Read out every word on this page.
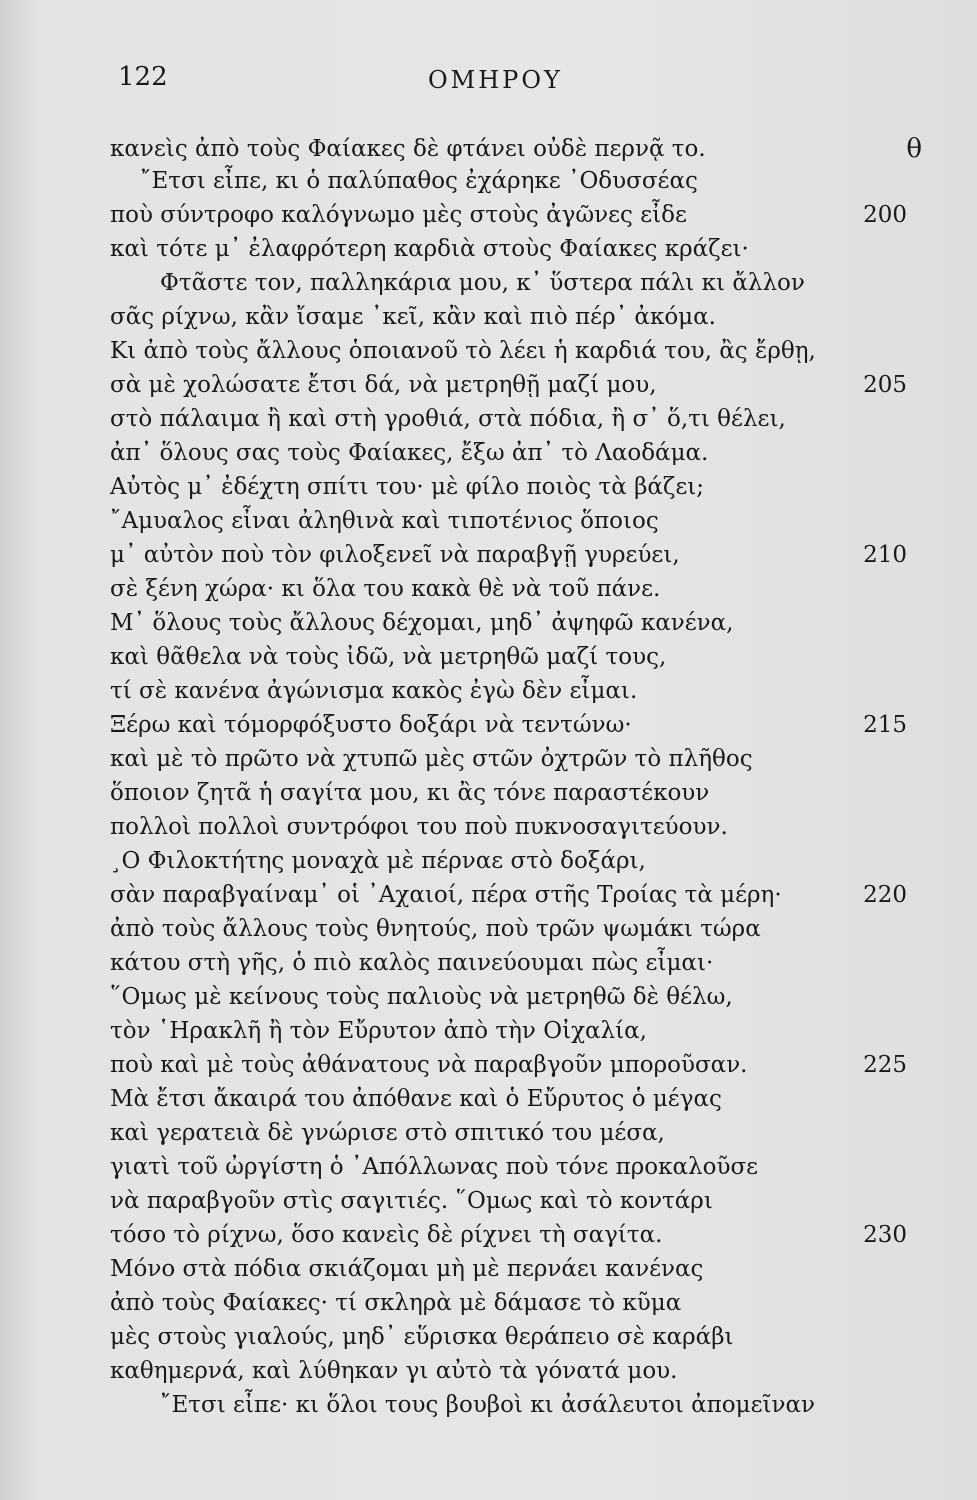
122	ΟΜΗΡΟΥ
θ
κανεὶς ἀπὸ τοὺς Φαίακες δὲ φτάνει οὐδὲ περνᾷ το.
῎Ετσι εἶπε, κι ὁ παλύπαθος ἐχάρηκε ᾿Οδυσσέας
ποὺ σύντροφο καλόγνωμο μὲς στοὺς ἀγῶνες εἶδε
καὶ τότε μ᾿ ἐλαφρότερη καρδιὰ στοὺς Φαίακες κράζει·
Φτᾶστε τον, παλληκάρια μου, κ᾿ ὕστερα πάλι κι ἄλλον
σᾶς ρίχνω, κἂν ἴσαμε ᾿κεῖ, κἂν καὶ πιὸ πέρ᾿ ἀκόμα.
Κι ἀπὸ τοὺς ἄλλους ὁποιανοῦ τὸ λέει ἡ καρδιά του, ἂς ἔρθῃ,
σὰ μὲ χολώσατε ἔτσι δά, νὰ μετρηθῇ μαζί μου,
στὸ πάλαιμα ἢ καὶ στὴ γροθιά, στὰ πόδια, ἢ σ᾿ ὅ,τι θέλει,
ἀπ᾿ ὅλους σας τοὺς Φαίακες, ἔξω ἀπ᾿ τὸ Λαοδάμα.
Αὐτὸς μ᾿ ἐδέχτη σπίτι του· μὲ φίλο ποιὸς τὰ βάζει;
῎Αμυαλος εἶναι ἀληθινὰ καὶ τιποτένιος ὅποιος
μ᾿ αὐτὸν ποὺ τὸν φιλοξενεῖ νὰ παραβγῇ γυρεύει,
σὲ ξένη χώρα· κι ὅλα του κακὰ θὲ νὰ τοῦ πάνε.
Μ᾿ ὅλους τοὺς ἄλλους δέχομαι, μηδ᾿ ἀψηφῶ κανένα,
καὶ θᾶθελα νὰ τοὺς ἰδῶ, νὰ μετρηθῶ μαζί τους,
τί σὲ κανένα ἀγώνισμα κακὸς ἐγὼ δὲν εἶμαι.
Ξέρω καὶ τόμορφόξυστο δοξάρι νὰ τεντώνω·
καὶ μὲ τὸ πρῶτο νὰ χτυπῶ μὲς στῶν ὀχτρῶν τὸ πλῆθος
ὅποιον ζητᾶ ἡ σαγίτα μου, κι ἂς τόνε παραστέκουν
πολλοὶ πολλοὶ συντρόφοι του ποὺ πυκνοσαγιτεύουν.
¸Ο Φιλοκτήτης μοναχὰ μὲ πέρναε στὸ δοξάρι,
σὰν παραβγαίναμ᾿ οἱ ᾿Αχαιοί, πέρα στῆς Τροίας τὰ μέρη·
ἀπὸ τοὺς ἄλλους τοὺς θνητούς, ποὺ τρῶν ψωμάκι τώρα
κάτου στὴ γῆς, ὁ πιὸ καλὸς παινεύουμαι πὼς εἶμαι·
῞Ομως μὲ κείνους τοὺς παλιοὺς νὰ μετρηθῶ δὲ θέλω,
τὸν ῾Ηρακλῆ ἢ τὸν Εὔρυτον ἀπὸ τὴν Οἰχαλία,
ποὺ καὶ μὲ τοὺς ἀθάνατους νὰ παραβγοῦν μποροῦσαν.
Μὰ ἔτσι ἄκαιρά του ἀπόθανε καὶ ὁ Εὔρυτος ὁ μέγας
καὶ γερατειὰ δὲ γνώρισε στὸ σπιτικό του μέσα,
γιατὶ τοῦ ὠργίστη ὁ ᾿Απόλλωνας ποὺ τόνε προκαλοῦσε
νὰ παραβγοῦν στὶς σαγιτιές. ῞Ομως καὶ τὸ κοντάρι
τόσο τὸ ρίχνω, ὅσο κανεὶς δὲ ρίχνει τὴ σαγίτα.
Μόνο στὰ πόδια σκιάζομαι μὴ μὲ περνάει κανένας
ἀπὸ τοὺς Φαίακες· τί σκληρὰ μὲ δάμασε τὸ κῦμα
μὲς στοὺς γιαλούς, μηδ᾿ εὕρισκα θεράπειο σὲ καράβι
καθημερνά, καὶ λύθηκαν γι αὐτὸ τὰ γόνατά μου.
῎Ετσι εἶπε· κι ὅλοι τους βουβοὶ κι ἀσάλευτοι ἀπομεῖναν
200
205
210
215
220
225
230
